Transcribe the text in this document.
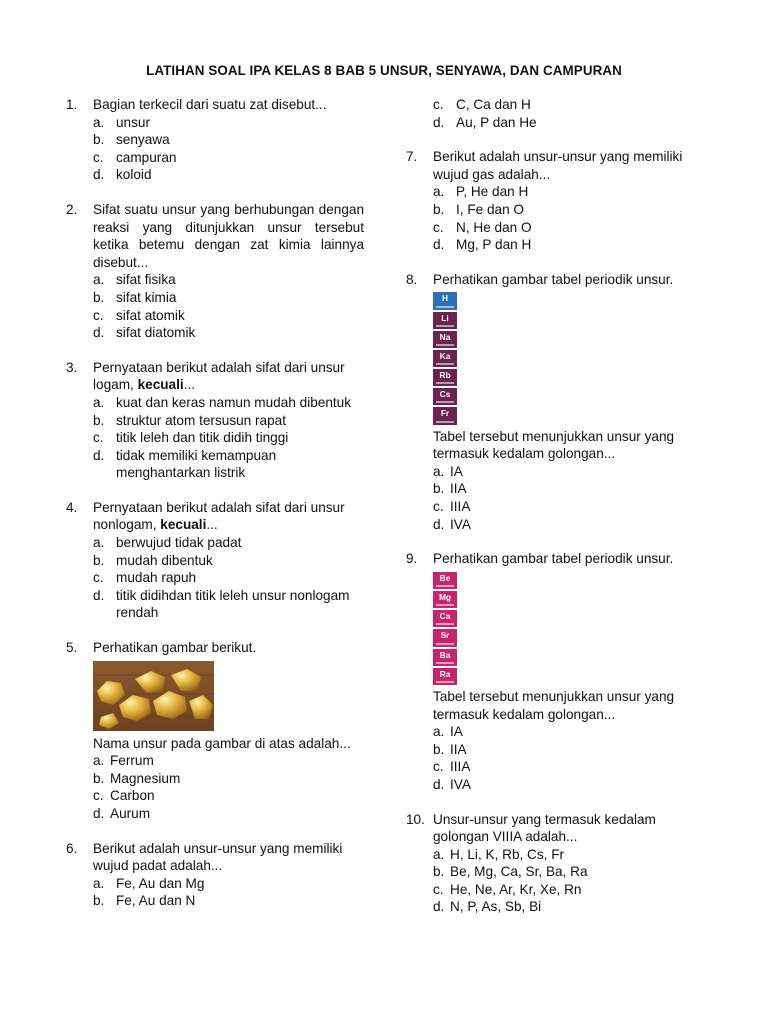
LATIHAN SOAL IPA KELAS 8 BAB 5 UNSUR, SENYAWA, DAN CAMPURAN
1. Bagian terkecil dari suatu zat disebut...
a. unsur
b. senyawa
c. campuran
d. koloid
2. Sifat suatu unsur yang berhubungan dengan reaksi yang ditunjukkan unsur tersebut ketika betemu dengan zat kimia lainnya disebut...
a. sifat fisika
b. sifat kimia
c. sifat atomik
d. sifat diatomik
3. Pernyataan berikut adalah sifat dari unsur logam, kecuali...
a. kuat dan keras namun mudah dibentuk
b. struktur atom tersusun rapat
c. titik leleh dan titik didih tinggi
d. tidak memiliki kemampuan menghantarkan listrik
4. Pernyataan berikut adalah sifat dari unsur nonlogam, kecuali...
a. berwujud tidak padat
b. mudah dibentuk
c. mudah rapuh
d. titik didihdan titik leleh unsur nonlogam rendah
5. Perhatikan gambar berikut.
Nama unsur pada gambar di atas adalah...
a. Ferrum
b. Magnesium
c. Carbon
d. Aurum
6. Berikut adalah unsur-unsur yang memiliki wujud padat adalah...
a. Fe, Au dan Mg
b. Fe, Au dan N
c. C, Ca dan H
d. Au, P dan He
7. Berikut adalah unsur-unsur yang memiliki wujud gas adalah...
a. P, He dan H
b. I, Fe dan O
c. N, He dan O
d. Mg, P dan H
8. Perhatikan gambar tabel periodik unsur.
H
Li
Na
Ka
Rb
Cs
Fr
Tabel tersebut menunjukkan unsur yang termasuk kedalam golongan...
a. IA
b. IIA
c. IIIA
d. IVA
9. Perhatikan gambar tabel periodik unsur.
Be
Mg
Ca
Sr
Ba
Ra
Tabel tersebut menunjukkan unsur yang termasuk kedalam golongan...
a. IA
b. IIA
c. IIIA
d. IVA
10. Unsur-unsur yang termasuk kedalam golongan VIIIA adalah...
a. H, Li, K, Rb, Cs, Fr
b. Be, Mg, Ca, Sr, Ba, Ra
c. He, Ne, Ar, Kr, Xe, Rn
d. N, P, As, Sb, Bi
